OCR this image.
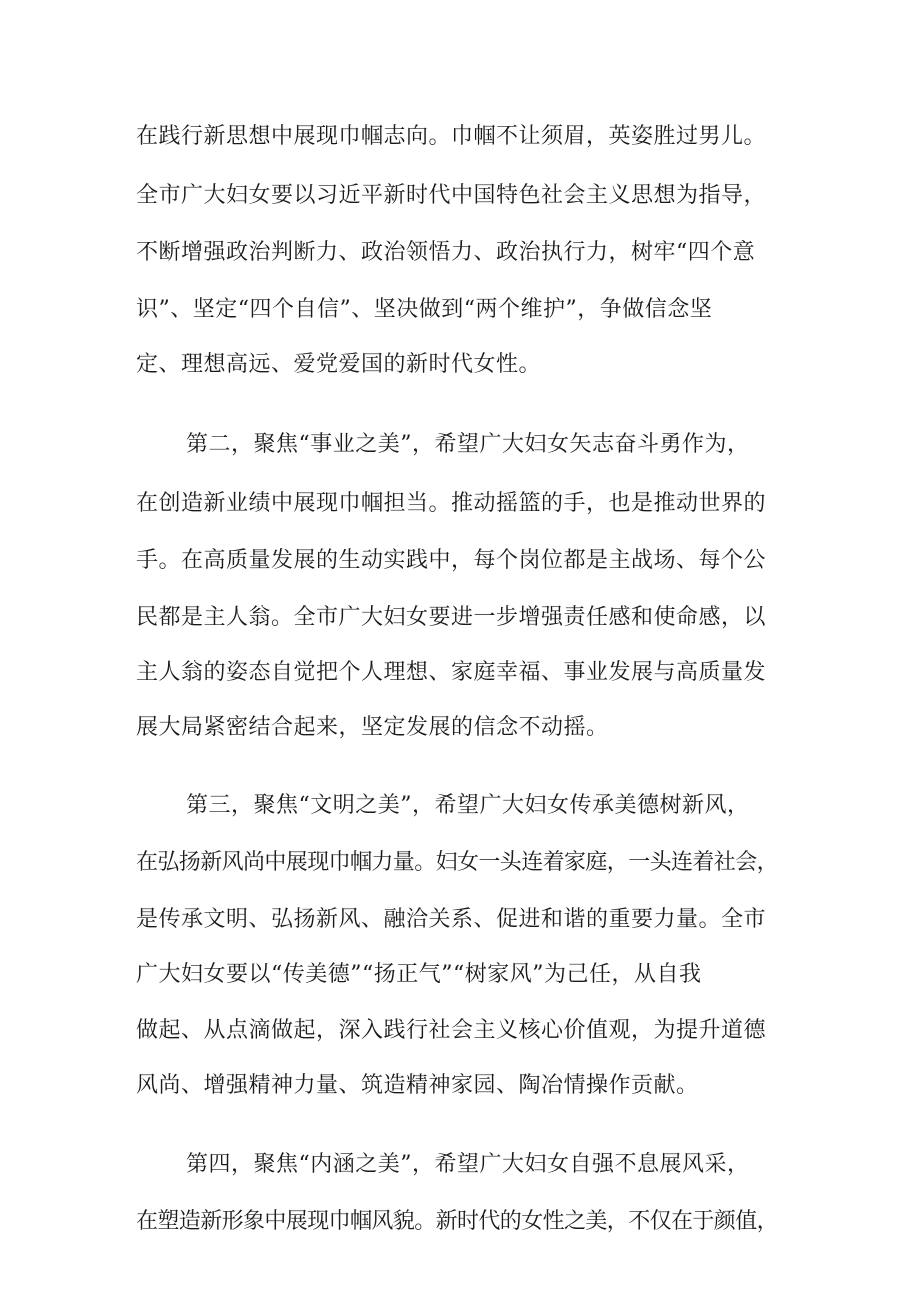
在践行新思想中展现巾帼志向。巾帼不让须眉，英姿胜过男儿。
全市广大妇女要以习近平新时代中国特色社会主义思想为指导，
不断增强政治判断力、政治领悟力、政治执行力，树牢“四个意
识”、坚定“四个自信”、坚决做到“两个维护”，争做信念坚
定、理想高远、爱党爱国的新时代女性。
第二，聚焦“事业之美”，希望广大妇女矢志奋斗勇作为，
在创造新业绩中展现巾帼担当。推动摇篮的手，也是推动世界的
手。在高质量发展的生动实践中，每个岗位都是主战场、每个公
民都是主人翁。全市广大妇女要进一步增强责任感和使命感，以
主人翁的姿态自觉把个人理想、家庭幸福、事业发展与高质量发
展大局紧密结合起来，坚定发展的信念不动摇。
第三，聚焦“文明之美”，希望广大妇女传承美德树新风，
在弘扬新风尚中展现巾帼力量。妇女一头连着家庭，一头连着社会，
是传承文明、弘扬新风、融洽关系、促进和谐的重要力量。全市
广大妇女要以“传美德”“扬正气”“树家风”为己任，从自我
做起、从点滴做起，深入践行社会主义核心价值观，为提升道德
风尚、增强精神力量、筑造精神家园、陶冶情操作贡献。
第四，聚焦“内涵之美”，希望广大妇女自强不息展风采，
在塑造新形象中展现巾帼风貌。新时代的女性之美，不仅在于颜值，
